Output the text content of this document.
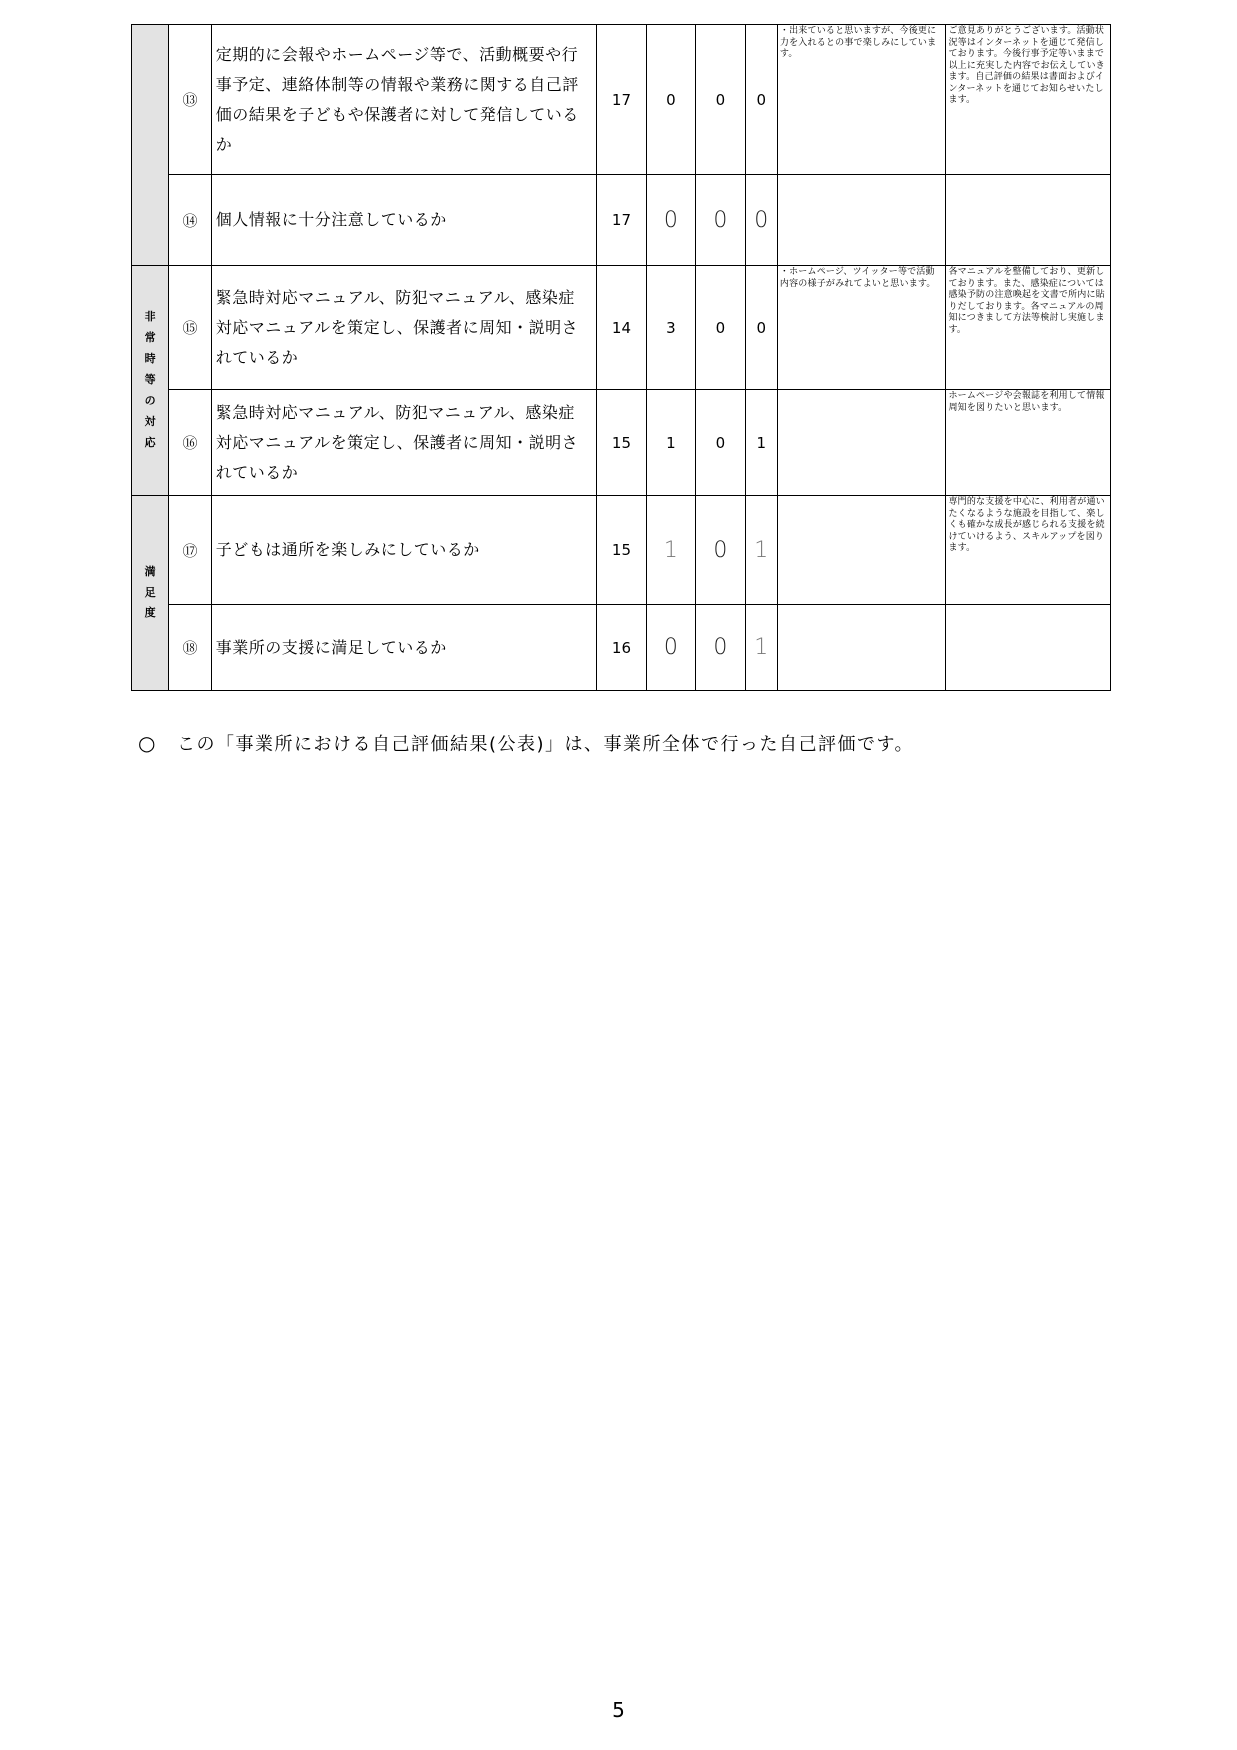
	⑬	定期的に会報やホームページ等で、活動概要や行事予定、連絡体制等の情報や業務に関する自己評価の結果を子どもや保護者に対して発信しているか	17	0	0	0	・出来ていると思いますが、今後更に力を入れるとの事で楽しみにしています。	ご意見ありがとうございます。活動状況等はインターネットを通じて発信しております。今後行事予定等いままで以上に充実した内容でお伝えしていきます。自己評価の結果は書面およびインターネットを通じてお知らせいたします。
	⑭	個人情報に十分注意しているか	17	0	0	0		
非常時等の対応	⑮	緊急時対応マニュアル、防犯マニュアル、感染症対応マニュアルを策定し、保護者に周知・説明されているか	14	3	0	0	・ホームページ、ツイッター等で活動内容の様子がみれてよいと思います。	各マニュアルを整備しており、更新しております。また、感染症については感染予防の注意喚起を文書で所内に貼りだしております。各マニュアルの周知につきまして方法等検討し実施します。
	⑯	緊急時対応マニュアル、防犯マニュアル、感染症対応マニュアルを策定し、保護者に周知・説明されているか	15	1	0	1		ホームページや会報誌を利用して情報周知を図りたいと思います。
満足度	⑰	子どもは通所を楽しみにしているか	15	1	0	1		専門的な支援を中心に、利用者が通いたくなるような施設を目指して、楽しくも確かな成長が感じられる支援を続けていけるよう、スキルアップを図ります。
	⑱	事業所の支援に満足しているか	16	0	0	1		
○ この「事業所における自己評価結果(公表)」は、事業所全体で行った自己評価です。
5
